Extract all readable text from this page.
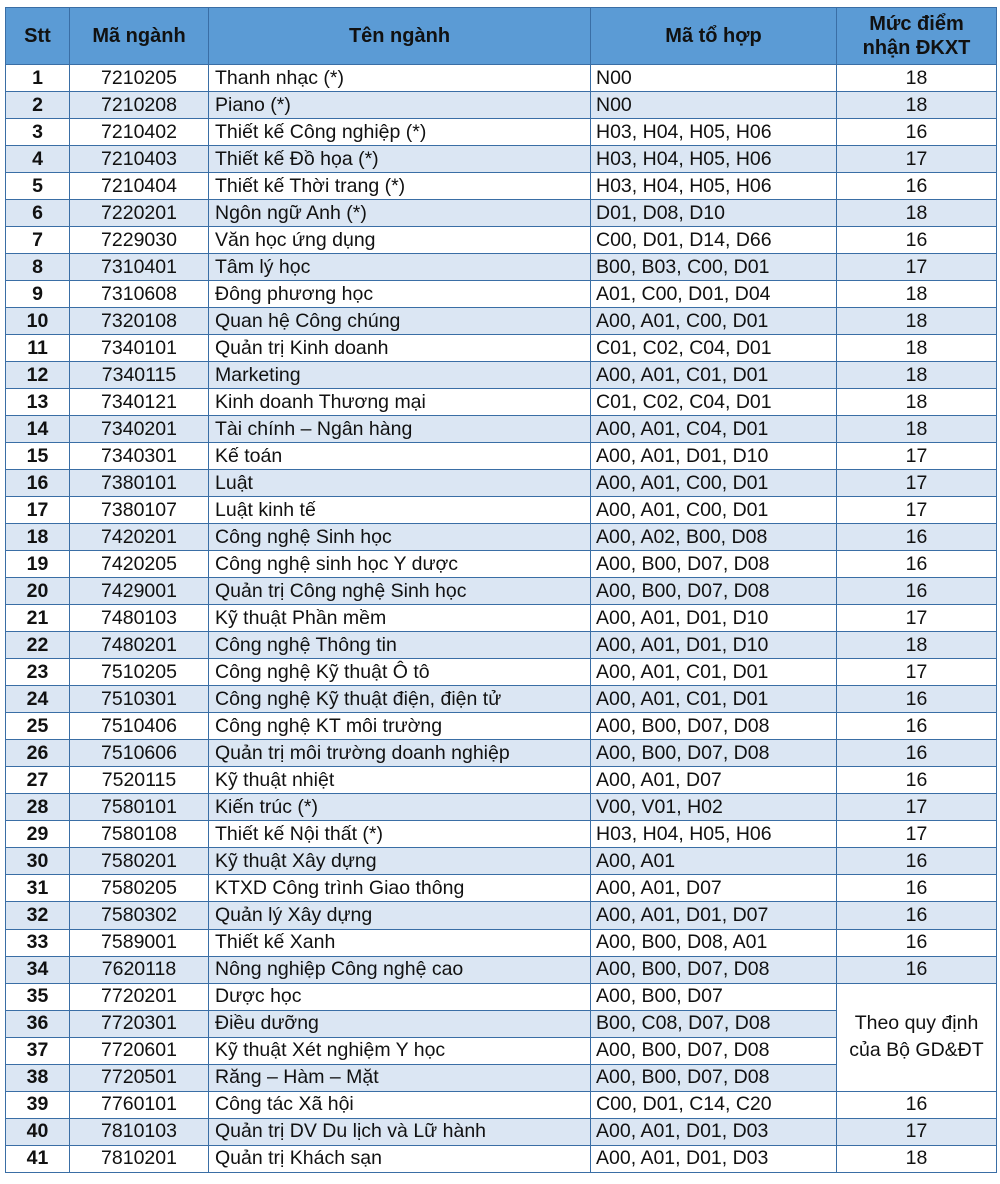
Stt	Mã ngành	Tên ngành	Mã tổ hợp	Mức điểm
nhận ĐKXT
1	7210205	Thanh nhạc (*)	N00	18
2	7210208	Piano (*)	N00	18
3	7210402	Thiết kế Công nghiệp (*)	H03, H04, H05, H06	16
4	7210403	Thiết kế Đồ họa (*)	H03, H04, H05, H06	17
5	7210404	Thiết kế Thời trang (*)	H03, H04, H05, H06	16
6	7220201	Ngôn ngữ Anh (*)	D01, D08, D10	18
7	7229030	Văn học ứng dụng	C00, D01, D14, D66	16
8	7310401	Tâm lý học	B00, B03, C00, D01	17
9	7310608	Đông phương học	A01, C00, D01, D04	18
10	7320108	Quan hệ Công chúng	A00, A01, C00, D01	18
11	7340101	Quản trị Kinh doanh	C01, C02, C04, D01	18
12	7340115	Marketing	A00, A01, C01, D01	18
13	7340121	Kinh doanh Thương mại	C01, C02, C04, D01	18
14	7340201	Tài chính – Ngân hàng	A00, A01, C04, D01	18
15	7340301	Kế toán	A00, A01, D01, D10	17
16	7380101	Luật	A00, A01, C00, D01	17
17	7380107	Luật kinh tế	A00, A01, C00, D01	17
18	7420201	Công nghệ Sinh học	A00, A02, B00, D08	16
19	7420205	Công nghệ sinh học Y dược	A00, B00, D07, D08	16
20	7429001	Quản trị Công nghệ Sinh học	A00, B00, D07, D08	16
21	7480103	Kỹ thuật Phần mềm	A00, A01, D01, D10	17
22	7480201	Công nghệ Thông tin	A00, A01, D01, D10	18
23	7510205	Công nghệ Kỹ thuật Ô tô	A00, A01, C01, D01	17
24	7510301	Công nghệ Kỹ thuật điện, điện tử	A00, A01, C01, D01	16
25	7510406	Công nghệ KT môi trường	A00, B00, D07, D08	16
26	7510606	Quản trị môi trường doanh nghiệp	A00, B00, D07, D08	16
27	7520115	Kỹ thuật nhiệt	A00, A01, D07	16
28	7580101	Kiến trúc (*)	V00, V01, H02	17
29	7580108	Thiết kế Nội thất (*)	H03, H04, H05, H06	17
30	7580201	Kỹ thuật Xây dựng	A00, A01	16
31	7580205	KTXD Công trình Giao thông	A00, A01, D07	16
32	7580302	Quản lý Xây dựng	A00, A01, D01, D07	16
33	7589001	Thiết kế Xanh	A00, B00, D08, A01	16
34	7620118	Nông nghiệp Công nghệ cao	A00, B00, D07, D08	16
35	7720201	Dược học	A00, B00, D07	Theo quy định của Bộ GD&ĐT
36	7720301	Điều dưỡng	B00, C08, D07, D08	
37	7720601	Kỹ thuật Xét nghiệm Y học	A00, B00, D07, D08	
38	7720501	Răng – Hàm – Mặt	A00, B00, D07, D08	
39	7760101	Công tác Xã hội	C00, D01, C14, C20	16
40	7810103	Quản trị DV Du lịch và Lữ hành	A00, A01, D01, D03	17
41	7810201	Quản trị Khách sạn	A00, A01, D01, D03	18
